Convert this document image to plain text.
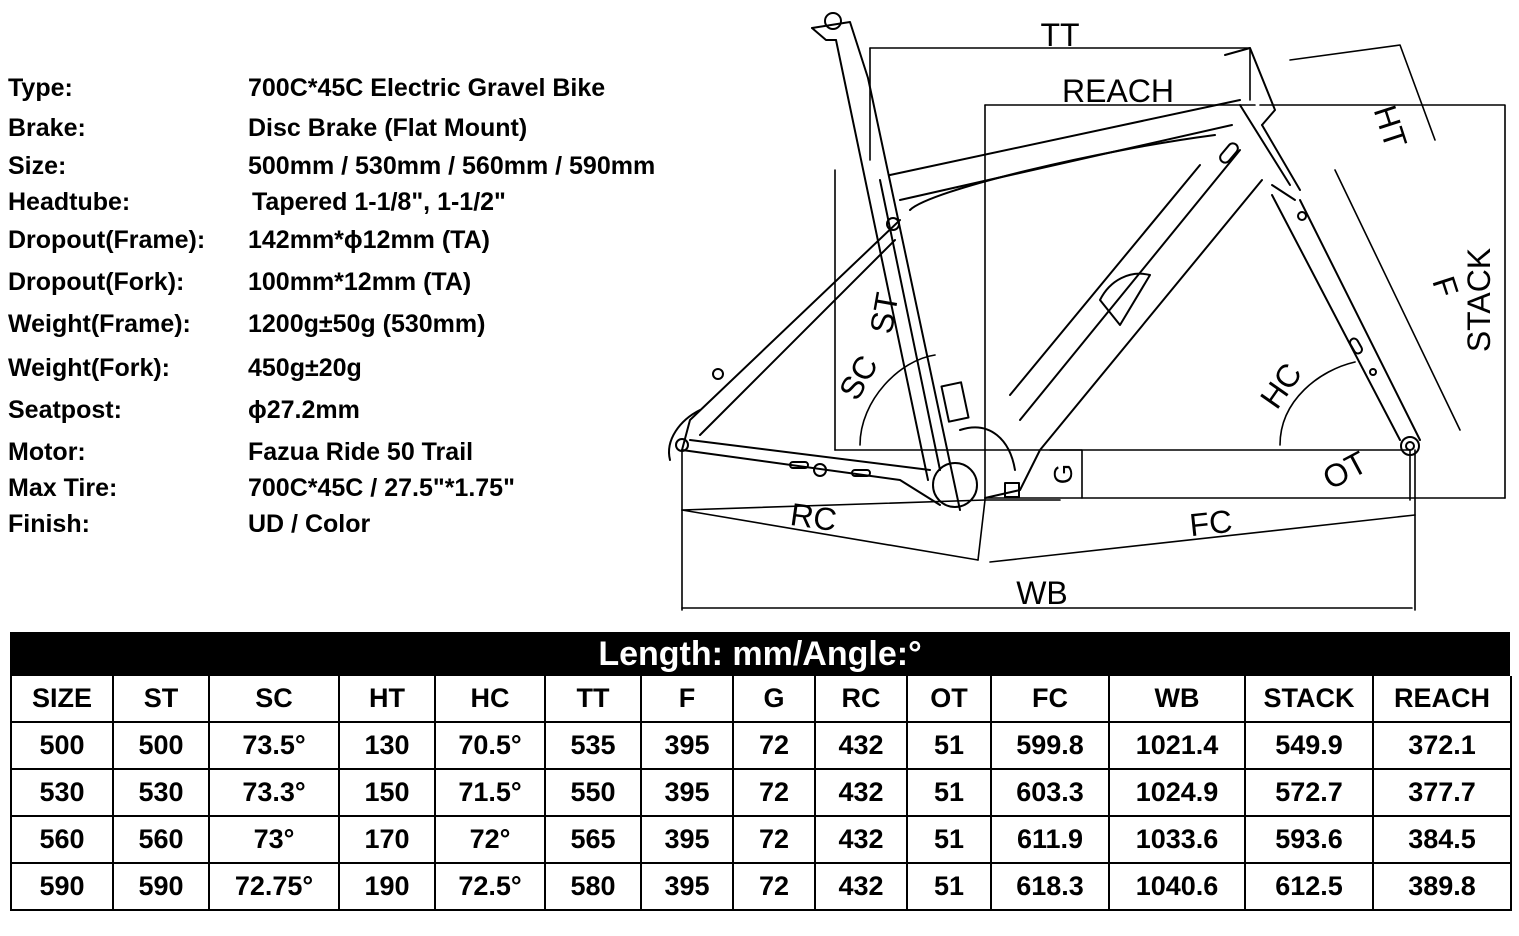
Type:	700C*45C Electric Gravel Bike
Brake:	Disc Brake (Flat Mount)
Size:	500mm / 530mm / 560mm / 590mm
Headtube:	Tapered 1-1/8", 1-1/2"
Dropout(Frame): 142mm*ϕ12mm (TA)
Dropout(Fork):	100mm*12mm (TA)
Weight(Frame): 1200g±50g (530mm)
Weight(Fork):	450g±20g
Seatpost:	ϕ27.2mm
Motor:	Fazua Ride 50 Trail
Max Tire:	700C*45C / 27.5"*1.75"
Finish:	UD / Color
TT
REACH
HT
STACK
F
ST
SC	HC
G	OT
RC	FC
WB
Length: mm/Angle:°
SIZE	ST	SC	HT	HC	TT	F	G	RC	OT	FC	WB	STACK	REACH
500	500	73.5°	130	70.5°	535	395	72	432	51	599.8	1021.4	549.9	372.1
530	530	73.3°	150	71.5°	550	395	72	432	51	603.3	1024.9	572.7	377.7
560	560	73°	170	72°	565	395	72	432	51	611.9	1033.6	593.6	384.5
590	590	72.75°	190	72.5°	580	395	72	432	51	618.3	1040.6	612.5	389.8
